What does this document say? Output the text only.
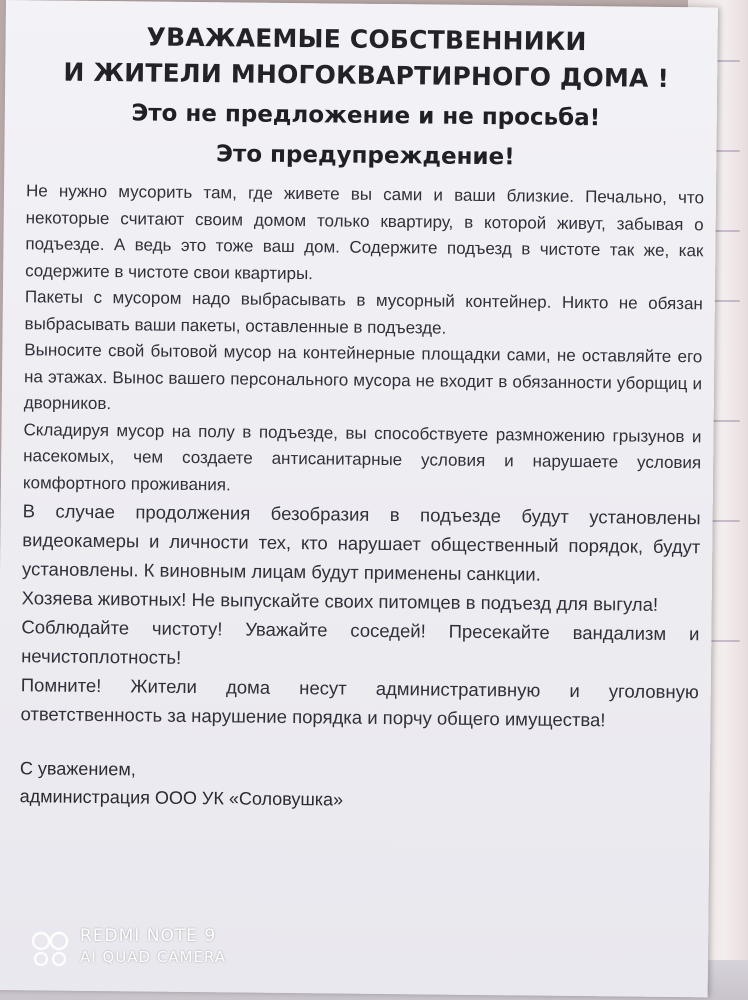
УВАЖАЕМЫЕ СОБСТВЕННИКИ
И ЖИТЕЛИ МНОГОКВАРТИРНОГО ДОМА !
Это не предложение и не просьба!
Это предупреждение!

Не нужно мусорить там, где живете вы сами и ваши близкие. Печально, что некоторые считают своим домом только квартиру, в которой живут, забывая о подъезде. А ведь это тоже ваш дом. Содержите подъезд в чистоте так же, как содержите в чистоте свои квартиры.

Пакеты с мусором надо выбрасывать в мусорный контейнер. Никто не обязан выбрасывать ваши пакеты, оставленные в подъезде.

Выносите свой бытовой мусор на контейнерные площадки сами, не оставляйте его на этажах. Вынос вашего персонального мусора не входит в обязанности уборщиц и дворников.

Складируя мусор на полу в подъезде, вы способствуете размножению грызунов и насекомых, чем создаете антисанитарные условия и нарушаете условия комфортного проживания.

В случае продолжения безобразия в подъезде будут установлены видеокамеры и личности тех, кто нарушает общественный порядок, будут установлены. К виновным лицам будут применены санкции.

Хозяева животных! Не выпускайте своих питомцев в подъезд для выгула!

Соблюдайте чистоту! Уважайте соседей! Пресекайте вандализм и нечистоплотность!

Помните! Жители дома несут административную и уголовную ответственность за нарушение порядка и порчу общего имущества!

С уважением,
администрация ООО УК «Соловушка»
REDMI NOTE 9
AI QUAD CAMERA
